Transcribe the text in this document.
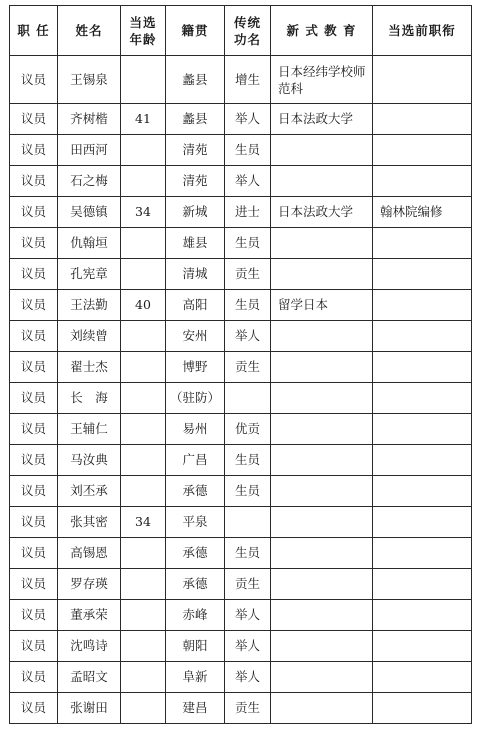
职 任	姓名	当选 年龄	籍贯	传统 功名	新 式 教 育	当选前职衔
议员	王锡泉		蠡县	增生	日本经纬学校师范科	
议员	齐树楷	41	蠡县	举人	日本法政大学	
议员	田西河		清苑	生员		
议员	石之梅		清苑	举人		
议员	吴德镇	34	新城	进士	日本法政大学	翰林院编修
议员	仇翰垣		雄县	生员		
议员	孔宪章		清城	贡生		
议员	王法勤	40	高阳	生员	留学日本	
议员	刘续曾		安州	举人		
议员	翟士杰		博野	贡生		
议员	长　海		（驻防）			
议员	王辅仁		易州	优贡		
议员	马汝典		广昌	生员		
议员	刘丕承		承德	生员		
议员	张其密	34	平泉			
议员	高锡恩		承德	生员		
议员	罗存瑛		承德	贡生		
议员	董承荣		赤峰	举人		
议员	沈鸣诗		朝阳	举人		
议员	孟昭文		阜新	举人		
议员	张谢田		建昌	贡生		
